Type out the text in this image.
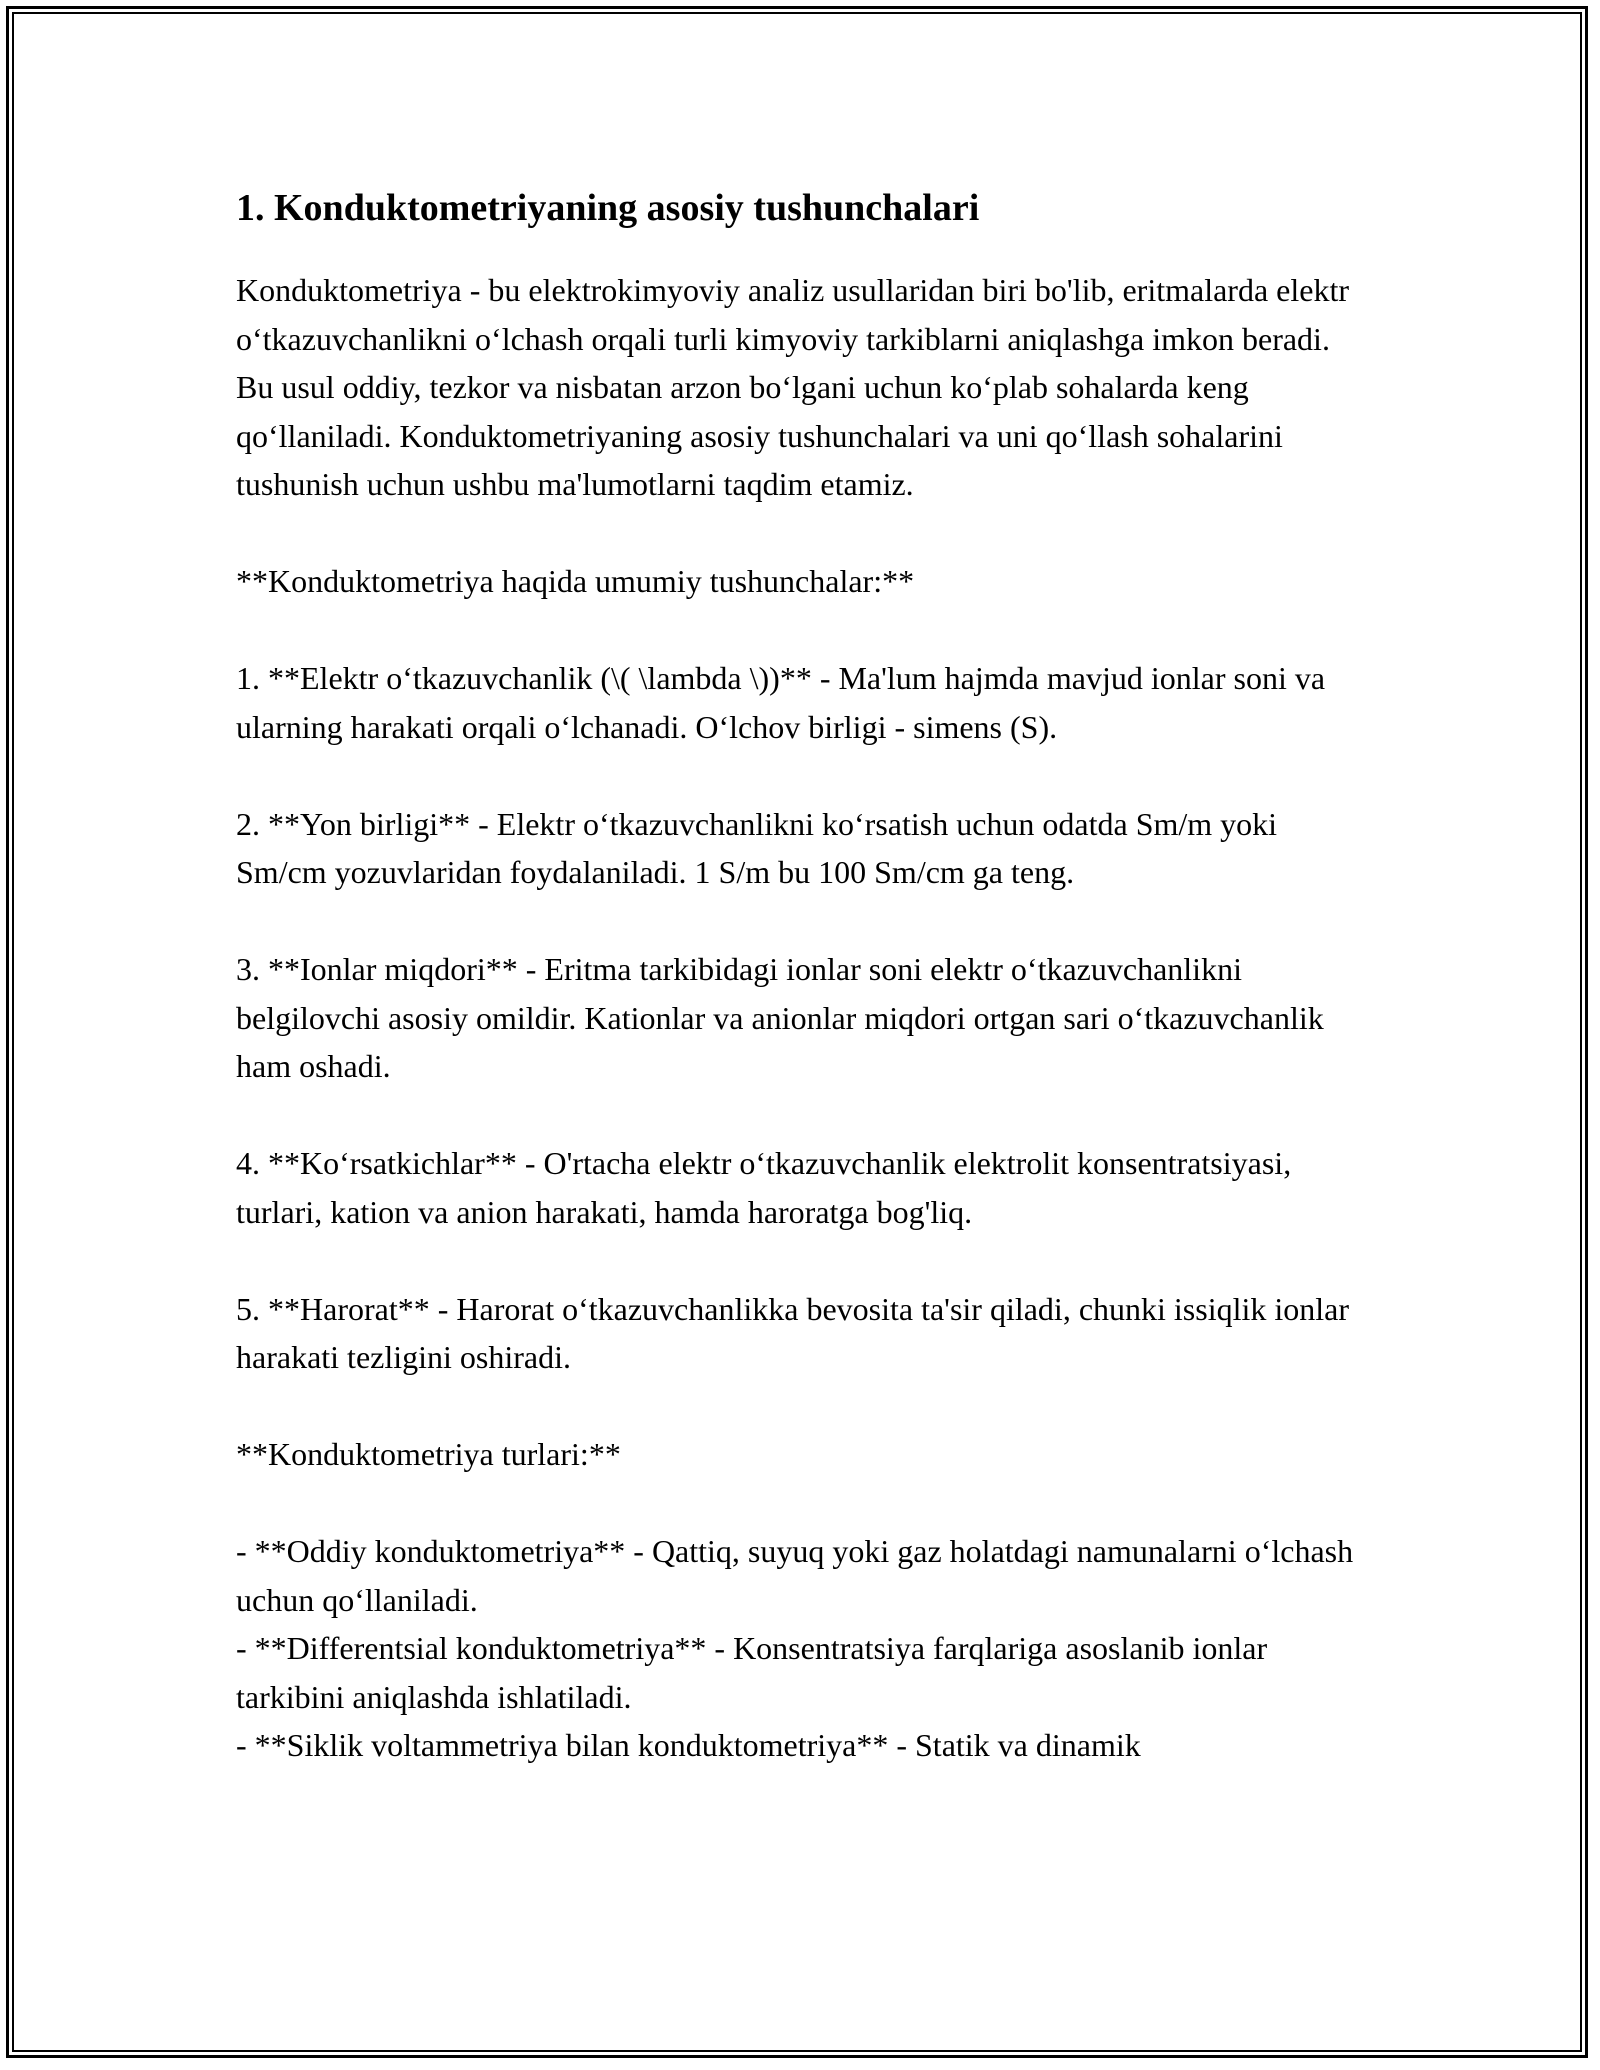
1. Konduktometriyaning asosiy tushunchalari

Konduktometriya - bu elektrokimyoviy analiz usullaridan biri bo'lib, eritmalarda elektr o‘tkazuvchanlikni o‘lchash orqali turli kimyoviy tarkiblarni aniqlashga imkon beradi. Bu usul oddiy, tezkor va nisbatan arzon bo‘lgani uchun ko‘plab sohalarda keng qo‘llaniladi. Konduktometriyaning asosiy tushunchalari va uni qo‘llash sohalarini tushunish uchun ushbu ma'lumotlarni taqdim etamiz.

**Konduktometriya haqida umumiy tushunchalar:**

1. **Elektr o‘tkazuvchanlik (\( \lambda \))** - Ma'lum hajmda mavjud ionlar soni va ularning harakati orqali o‘lchanadi. O‘lchov birligi - simens (S).

2. **Yon birligi** - Elektr o‘tkazuvchanlikni ko‘rsatish uchun odatda Sm/m yoki Sm/cm yozuvlaridan foydalaniladi. 1 S/m bu 100 Sm/cm ga teng.

3. **Ionlar miqdori** - Eritma tarkibidagi ionlar soni elektr o‘tkazuvchanlikni belgilovchi asosiy omildir. Kationlar va anionlar miqdori ortgan sari o‘tkazuvchanlik ham oshadi.

4. **Ko‘rsatkichlar** - O'rtacha elektr o‘tkazuvchanlik elektrolit konsentratsiyasi, turlari, kation va anion harakati, hamda haroratga bog'liq.

5. **Harorat** - Harorat o‘tkazuvchanlikka bevosita ta'sir qiladi, chunki issiqlik ionlar harakati tezligini oshiradi.

**Konduktometriya turlari:**

- **Oddiy konduktometriya** - Qattiq, suyuq yoki gaz holatdagi namunalarni o‘lchash uchun qo‘llaniladi.

- **Differentsial konduktometriya** - Konsentratsiya farqlariga asoslanib ionlar tarkibini aniqlashda ishlatiladi.

- **Siklik voltammetriya bilan konduktometriya** - Statik va dinamik
